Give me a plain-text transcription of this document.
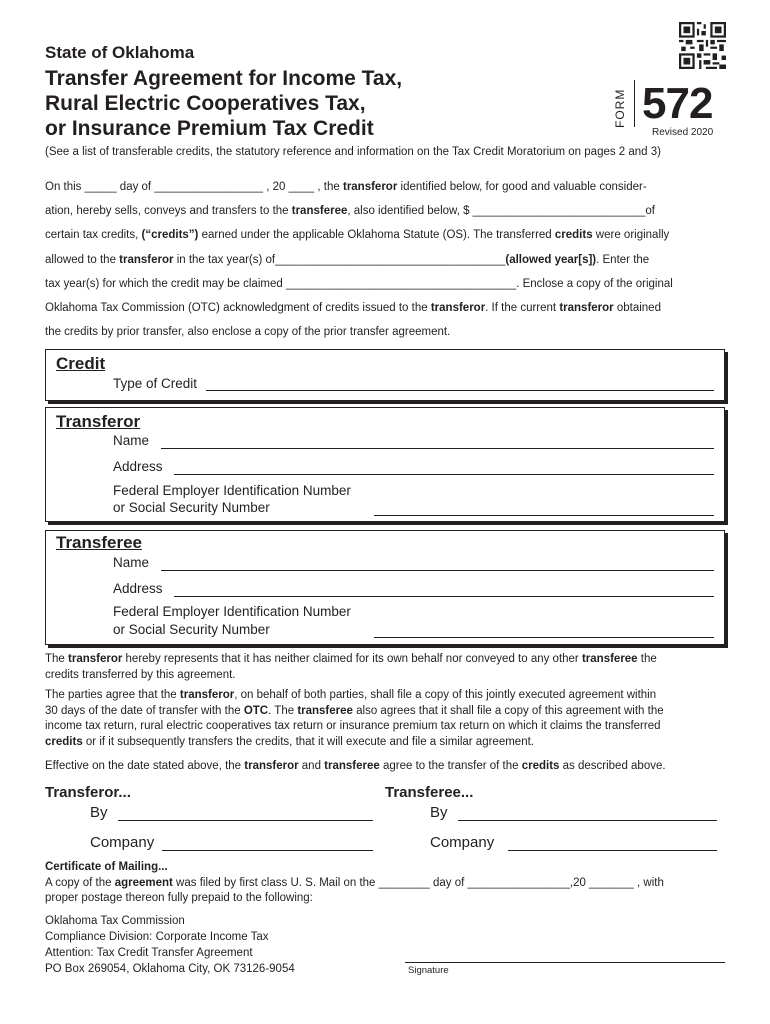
State of Oklahoma
Transfer Agreement for Income Tax,
Rural Electric Cooperatives Tax,
or Insurance Premium Tax Credit
FORM 572
Revised 2020
(See a list of transferable credits, the statutory reference and information on the Tax Credit Moratorium on pages 2 and 3)
On this _____ day of _________________ , 20 ____ , the transferor identified below, for good and valuable consider-
ation, hereby sells, conveys and transfers to the transferee, also identified below, $ ___________________________of
certain tax credits, (“credits”) earned under the applicable Oklahoma Statute (OS). The transferred credits were originally
allowed to the transferor in the tax year(s) of____________________________________(allowed year[s]). Enter the
tax year(s) for which the credit may be claimed ____________________________________. Enclose a copy of the original
Oklahoma Tax Commission (OTC) acknowledgment of credits issued to the transferor. If the current transferor obtained
the credits by prior transfer, also enclose a copy of the prior transfer agreement.
Credit
Type of Credit
Transferor
Name
Address
Federal Employer Identification Number
or Social Security Number
Transferee
Name
Address
Federal Employer Identification Number
or Social Security Number
The transferor hereby represents that it has neither claimed for its own behalf nor conveyed to any other transferee the
credits transferred by this agreement.
The parties agree that the transferor, on behalf of both parties, shall file a copy of this jointly executed agreement within
30 days of the date of transfer with the OTC. The transferee also agrees that it shall file a copy of this agreement with the
income tax return, rural electric cooperatives tax return or insurance premium tax return on which it claims the transferred
credits or if it subsequently transfers the credits, that it will execute and file a similar agreement.
Effective on the date stated above, the transferor and transferee agree to the transfer of the credits as described above.
Transferor...
By
Company
Transferee...
By
Company
Certificate of Mailing...
A copy of the agreement was filed by first class U. S. Mail on the ________ day of ________________,20 _______ , with
proper postage thereon fully prepaid to the following:
Oklahoma Tax Commission
Compliance Division: Corporate Income Tax
Attention: Tax Credit Transfer Agreement
PO Box 269054, Oklahoma City, OK 73126-9054	Signature
